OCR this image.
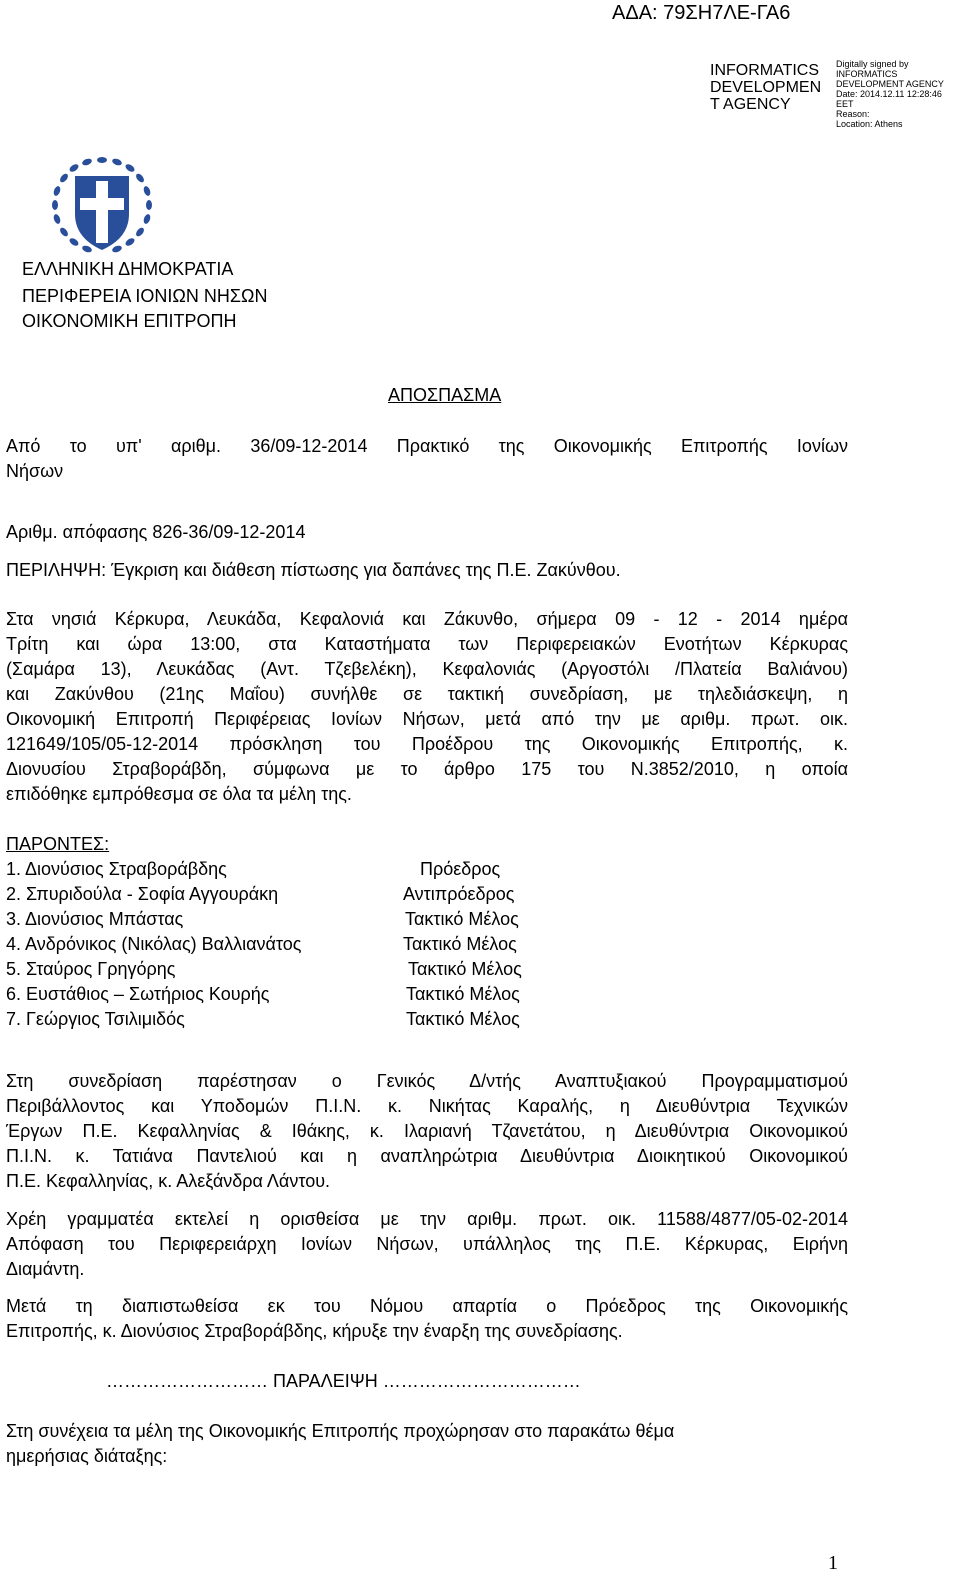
ΑΔΑ: 79ΣΗ7ΛΕ-ΓΑ6
INFORMATICS
DEVELOPMEN
T AGENCY
Digitally signed by
INFORMATICS
DEVELOPMENT AGENCY
Date: 2014.12.11 12:28:46
EET
Reason:
Location: Athens
ΕΛΛΗΝΙΚΗ ΔΗΜΟΚΡΑΤΙΑ
ΠΕΡΙΦΕΡΕΙΑ ΙΟΝΙΩΝ ΝΗΣΩΝ
ΟΙΚΟΝΟΜΙΚΗ ΕΠΙΤΡΟΠΗ
ΑΠΟΣΠΑΣΜΑ
Από το υπ' αριθμ. 36/09-12-2014 Πρακτικό της Οικονομικής Επιτροπής Ιονίων
Νήσων
Αριθμ. απόφασης 826-36/09-12-2014
ΠΕΡΙΛΗΨΗ: Έγκριση και διάθεση πίστωσης για δαπάνες της Π.Ε. Ζακύνθου.
Στα νησιά Κέρκυρα, Λευκάδα, Κεφαλονιά και Ζάκυνθο, σήμερα 09 - 12 - 2014 ημέρα
Τρίτη και ώρα 13:00, στα Καταστήματα των Περιφερειακών Ενοτήτων Κέρκυρας
(Σαμάρα 13), Λευκάδας (Αντ. Τζεβελέκη), Κεφαλονιάς (Αργοστόλι /Πλατεία Βαλιάνου)
και Ζακύνθου (21ης Μαΐου) συνήλθε σε τακτική συνεδρίαση, με τηλεδιάσκεψη, η
Οικονομική Επιτροπή Περιφέρειας Ιονίων Νήσων, μετά από την με αριθμ. πρωτ. οικ.
121649/105/05-12-2014 πρόσκληση του Προέδρου της Οικονομικής Επιτροπής, κ.
Διονυσίου Στραβοράβδη, σύμφωνα με το άρθρο 175 του Ν.3852/2010, η οποία
επιδόθηκε εμπρόθεσμα σε όλα τα μέλη της.
ΠΑΡΟΝΤΕΣ:
1. Διονύσιος Στραβοράβδης	Πρόεδρος
2. Σπυριδούλα - Σοφία Αγγουράκη	Αντιπρόεδρος
3. Διονύσιος Μπάστας	Τακτικό Μέλος
4. Ανδρόνικος (Νικόλας) Βαλλιανάτος	Τακτικό Μέλος
5. Σταύρος Γρηγόρης	Τακτικό Μέλος
6. Ευστάθιος – Σωτήριος Κουρής	Τακτικό Μέλος
7. Γεώργιος Τσιλιμιδός	Τακτικό Μέλος
Στη συνεδρίαση παρέστησαν ο Γενικός Δ/ντής Αναπτυξιακού Προγραμματισμού
Περιβάλλοντος και Υποδομών Π.Ι.Ν. κ. Νικήτας Καραλής, η Διευθύντρια Τεχνικών
Έργων Π.Ε. Κεφαλληνίας & Ιθάκης, κ. Ιλαριανή Τζανετάτου, η Διευθύντρια Οικονομικού
Π.Ι.Ν. κ. Τατιάνα Παντελιού και η αναπληρώτρια Διευθύντρια Διοικητικού Οικονομικού
Π.Ε. Κεφαλληνίας, κ. Αλεξάνδρα Λάντου.
Χρέη γραμματέα εκτελεί η ορισθείσα με την αριθμ. πρωτ. οικ. 11588/4877/05-02-2014
Απόφαση του Περιφερειάρχη Ιονίων Νήσων, υπάλληλος της Π.Ε. Κέρκυρας, Ειρήνη
Διαμάντη.
Μετά τη διαπιστωθείσα εκ του Νόμου απαρτία ο Πρόεδρος της Οικονομικής
Επιτροπής, κ. Διονύσιος Στραβοράβδης, κήρυξε την έναρξη της συνεδρίασης.
……………………… ΠΑΡΑΛΕΙΨΗ ……………………………
Στη συνέχεια τα μέλη της Οικονομικής Επιτροπής προχώρησαν στο παρακάτω θέμα
ημερήσιας διάταξης:
1
